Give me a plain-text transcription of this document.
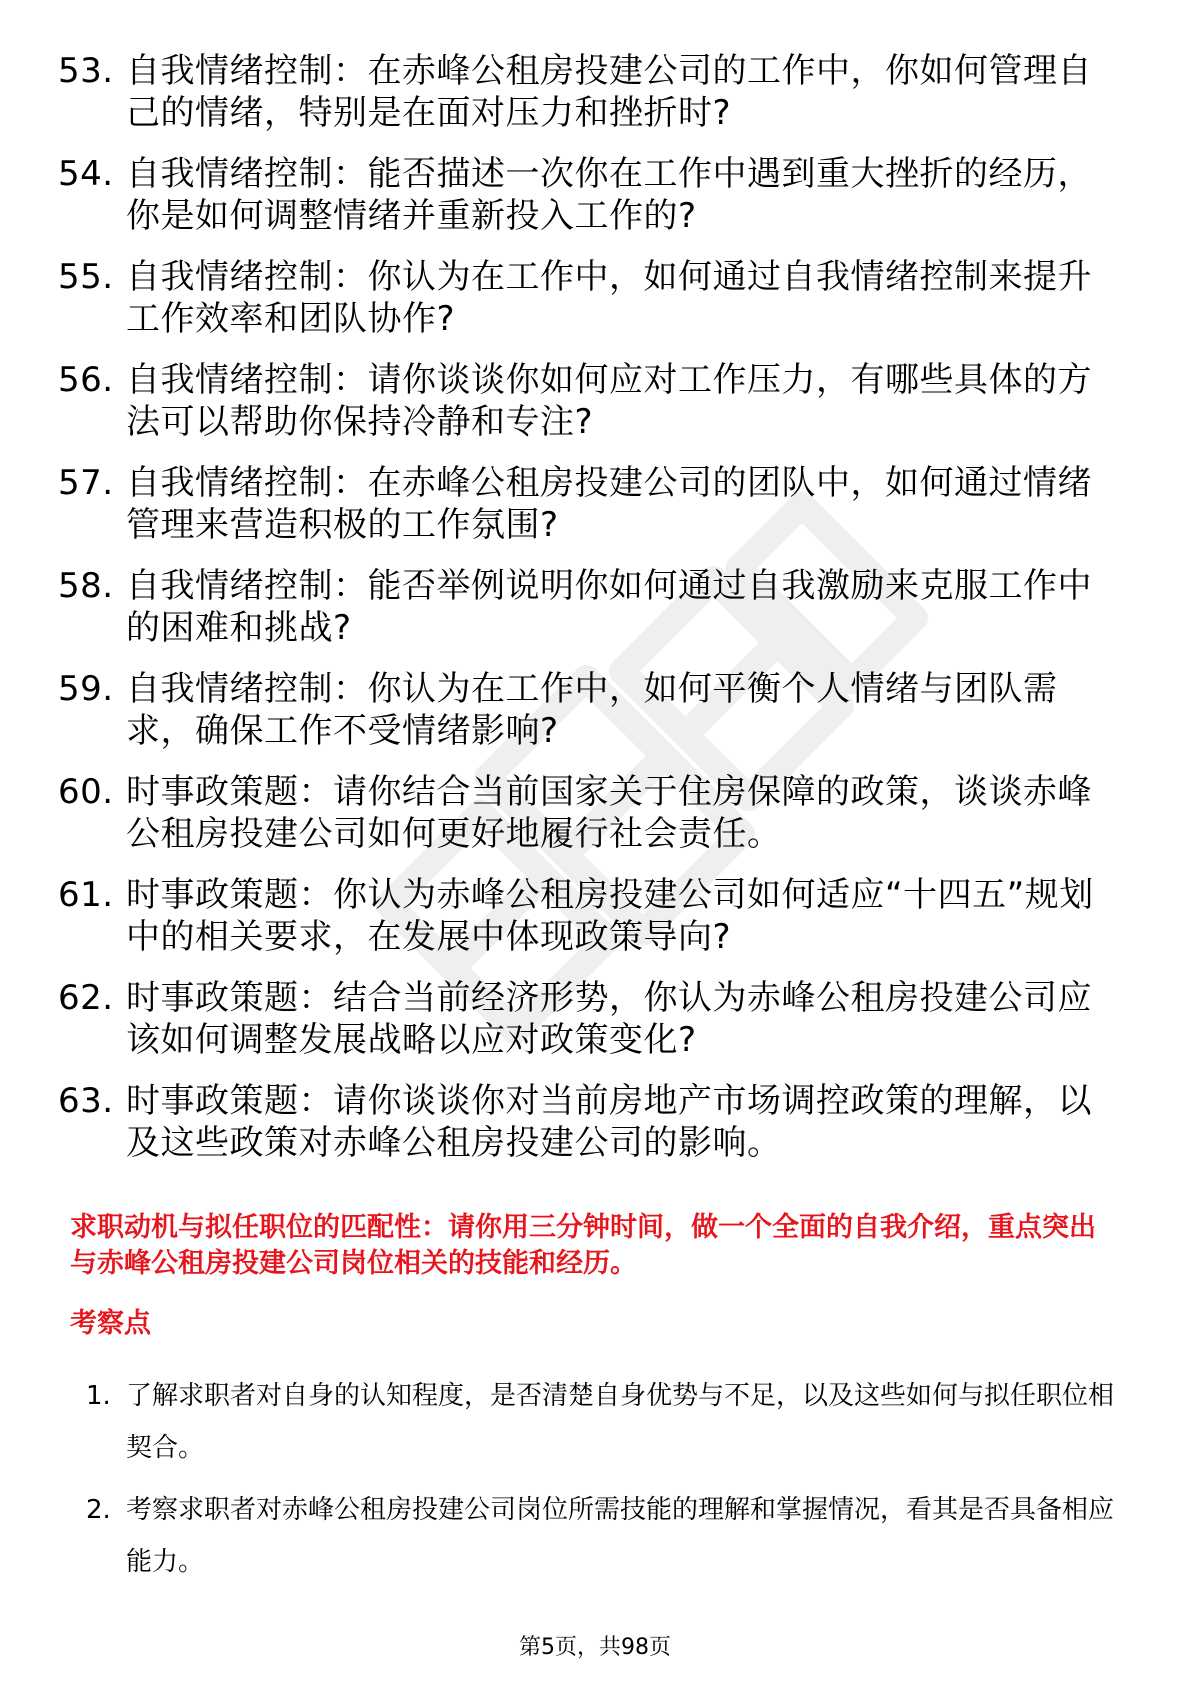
53. 自我情绪控制：在赤峰公租房投建公司的工作中，你如何管理自己的情绪，特别是在面对压力和挫折时?
54. 自我情绪控制：能否描述一次你在工作中遇到重大挫折的经历，你是如何调整情绪并重新投入工作的?
55. 自我情绪控制：你认为在工作中，如何通过自我情绪控制来提升工作效率和团队协作?
56. 自我情绪控制：请你谈谈你如何应对工作压力，有哪些具体的方法可以帮助你保持冷静和专注?
57. 自我情绪控制：在赤峰公租房投建公司的团队中，如何通过情绪管理来营造积极的工作氛围?
58. 自我情绪控制：能否举例说明你如何通过自我激励来克服工作中的困难和挑战?
59. 自我情绪控制：你认为在工作中，如何平衡个人情绪与团队需求，确保工作不受情绪影响?
60. 时事政策题：请你结合当前国家关于住房保障的政策，谈谈赤峰公租房投建公司如何更好地履行社会责任。
61. 时事政策题：你认为赤峰公租房投建公司如何适应“十四五”规划中的相关要求，在发展中体现政策导向?
62. 时事政策题：结合当前经济形势，你认为赤峰公租房投建公司应该如何调整发展战略以应对政策变化?
63. 时事政策题：请你谈谈你对当前房地产市场调控政策的理解，以及这些政策对赤峰公租房投建公司的影响。
求职动机与拟任职位的匹配性：请你用三分钟时间，做一个全面的自我介绍，重点突出与赤峰公租房投建公司岗位相关的技能和经历。
考察点
1. 了解求职者对自身的认知程度，是否清楚自身优势与不足，以及这些如何与拟任职位相契合。
2. 考察求职者对赤峰公租房投建公司岗位所需技能的理解和掌握情况，看其是否具备相应能力。
第5页，共98页
